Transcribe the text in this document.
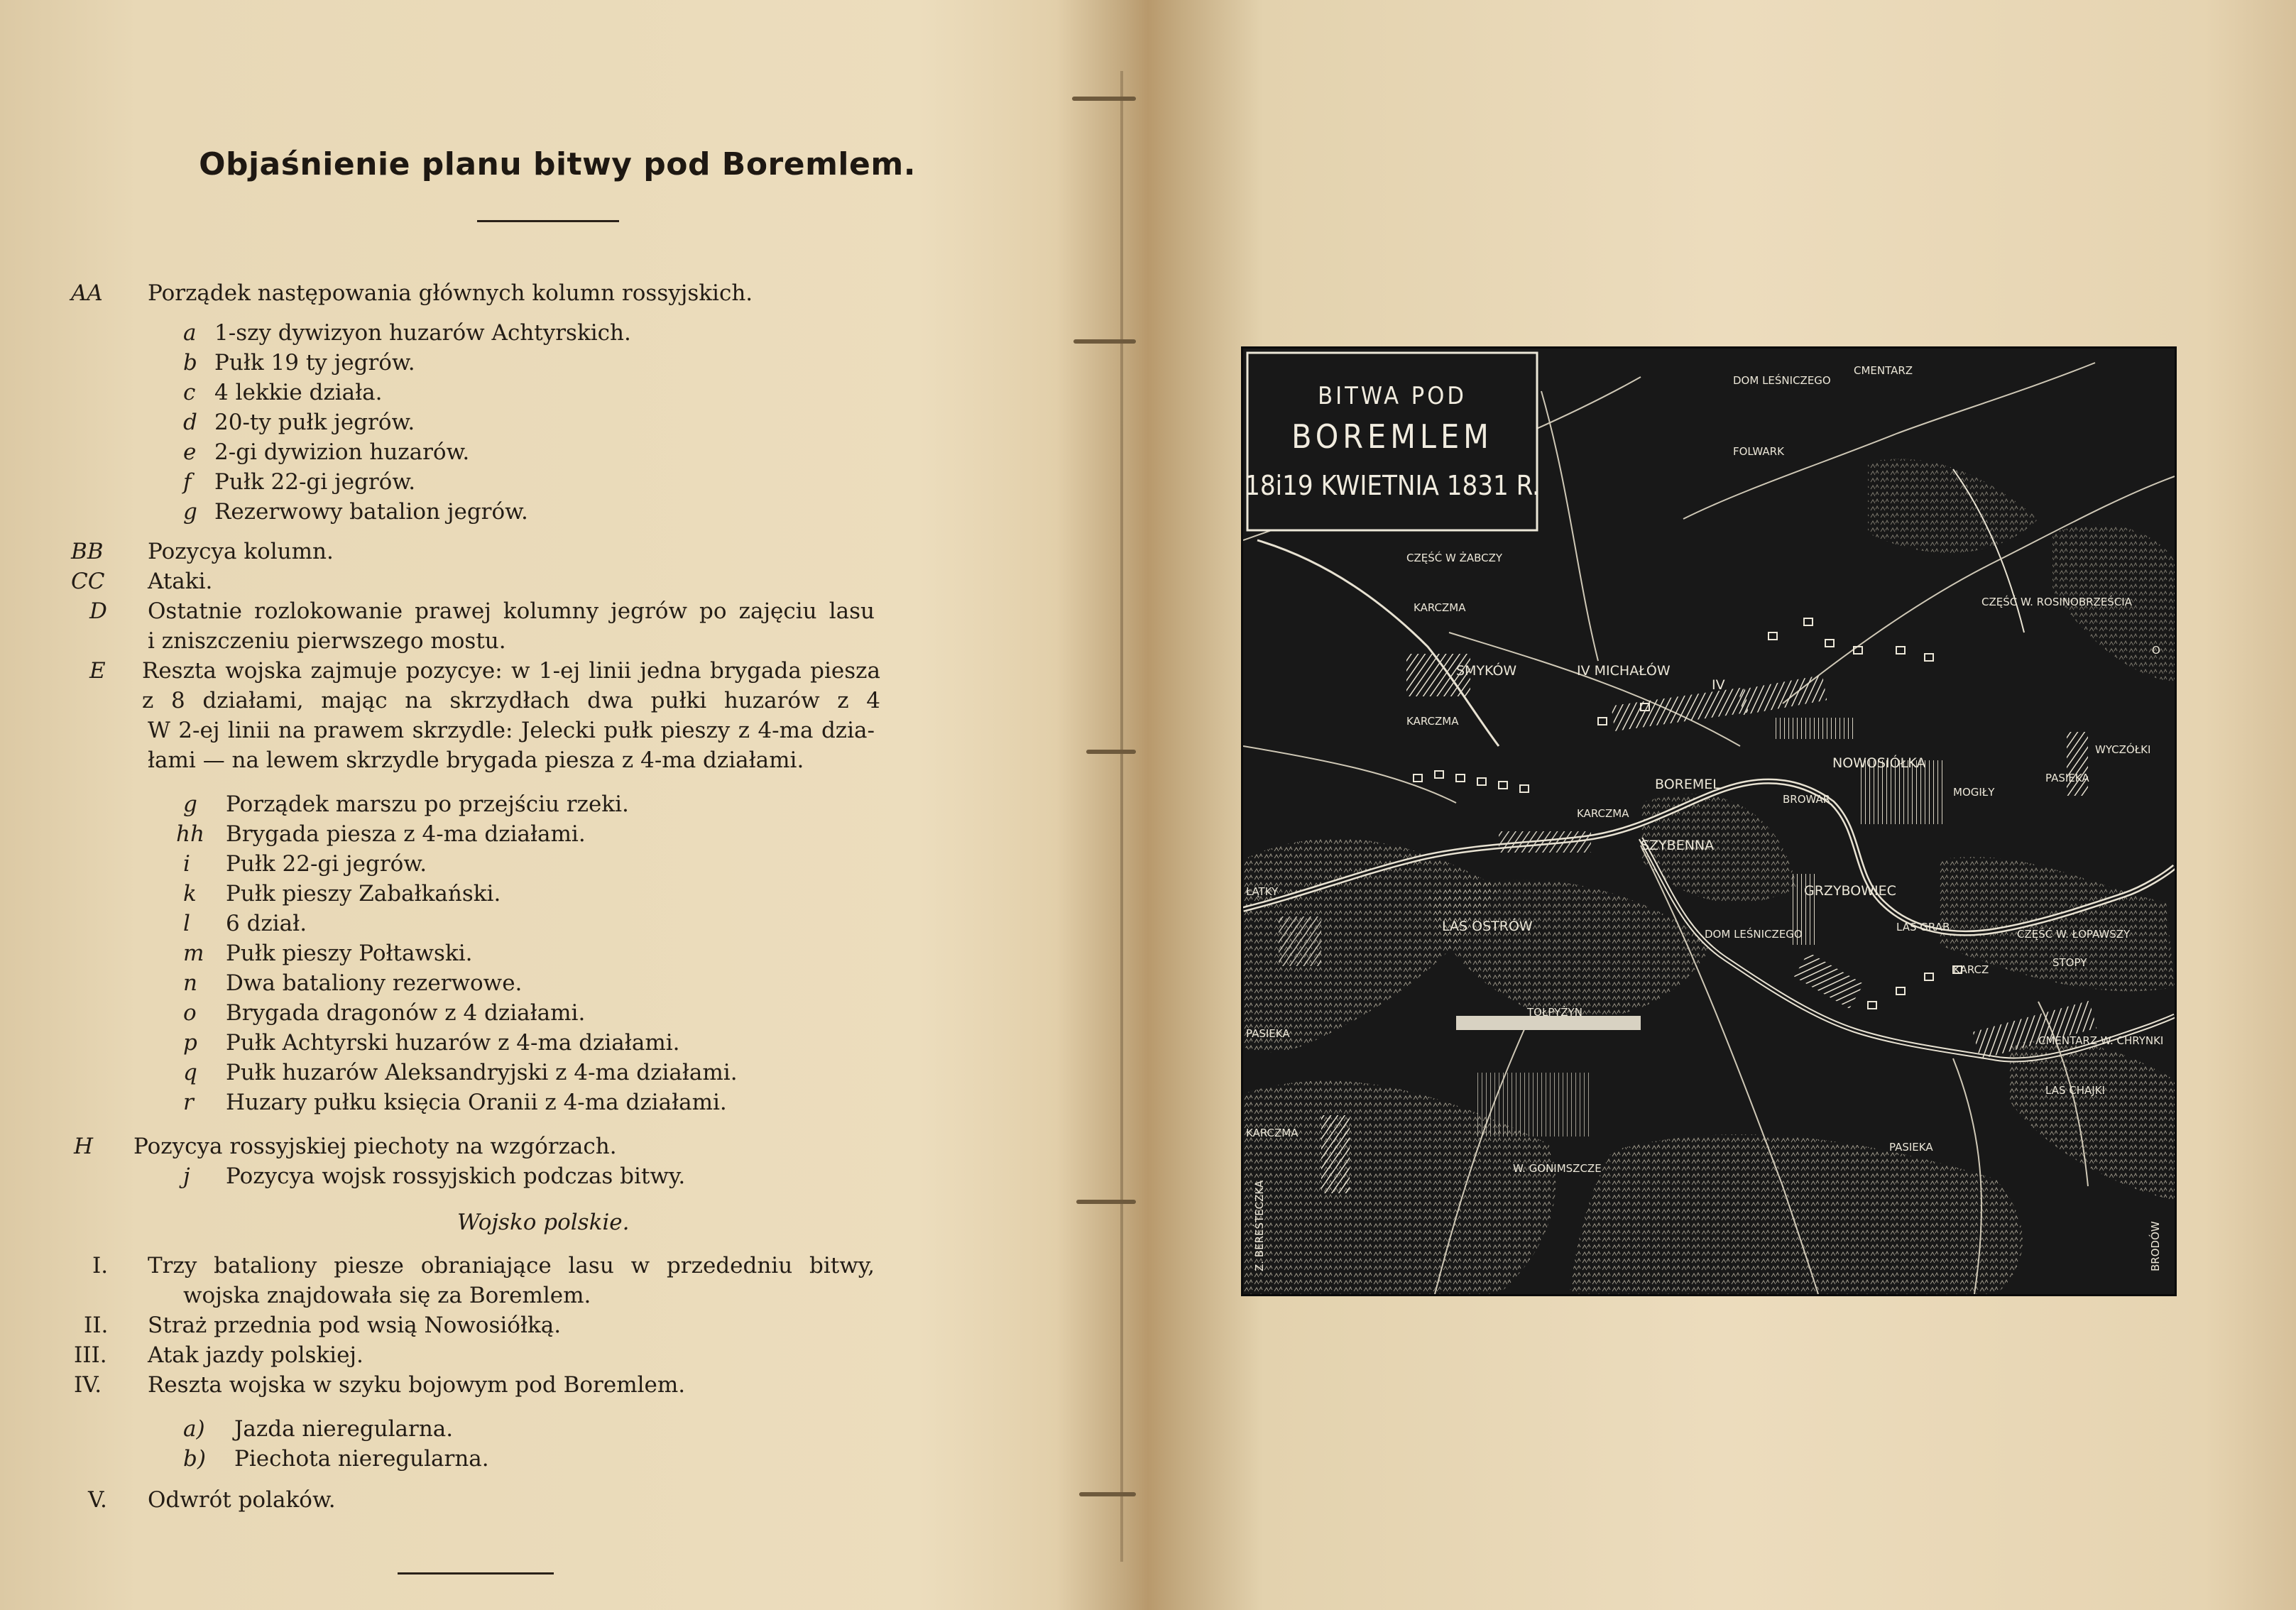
Objaśnienie planu bitwy pod Boremlem.
AA Porządek następowania głównych kolumn rossyjskich.
a 1-szy dywizyon huzarów Achtyrskich.
b Pułk 19 ty jegrów.
c 4 lekkie działa.
d 20-ty pułk jegrów.
e 2-gi dywizion huzarów.
f Pułk 22-gi jegrów.
g Rezerwowy batalion jegrów.
BB Pozycya kolumn.
CC Ataki.
D Ostatnie rozlokowanie prawej kolumny jegrów po zajęciu lasu
i zniszczeniu pierwszego mostu.
E Reszta wojska zajmuje pozycye: w 1-ej linii jedna brygada piesza
z 8 działami, mając na skrzydłach dwa pułki huzarów z 4
W 2-ej linii na prawem skrzydle: Jelecki pułk pieszy z 4-ma dzia-
łami — na lewem skrzydle brygada piesza z 4-ma działami.
g Porządek marszu po przejściu rzeki.
hh Brygada piesza z 4-ma działami.
i Pułk 22-gi jegrów.
k Pułk pieszy Zabałkański.
l 6 dział.
m Pułk pieszy Połtawski.
n Dwa bataliony rezerwowe.
o Brygada dragonów z 4 działami.
p Pułk Achtyrski huzarów z 4-ma działami.
q Pułk huzarów Aleksandryjski z 4-ma działami.
r Huzary pułku księcia Oranii z 4-ma działami.
H Pozycya rossyjskiej piechoty na wzgórzach.
j Pozycya wojsk rossyjskich podczas bitwy.
Wojsko polskie.
I. Trzy bataliony piesze obraniające lasu w przededniu bitwy,
wojska znajdowała się za Boremlem.
II. Straż przednia pod wsią Nowosiółką.
III. Atak jazdy polskiej.
IV. Reszta wojska w szyku bojowym pod Boremlem.
a) Jazda nieregularna.
b) Piechota nieregularna.
V. Odwrót polaków.
BITWA POD
BOREMLEM
18i19 KWIETNIA 1831 R.
DOM LEŚNICZEGO
CMENTARZ
FOLWARK
CZĘŚĆ W ŻABCZY
KARCZMA
SMYKÓW	IV MICHAŁÓW
IV
CZĘŚĆ W. ROSINOBRZEŚCIA
KARCZMA
NOWOSIÓŁKA
WYCZÓŁKI
PASIEKA
BOREMEL
BROWAR
MOGIŁY
KARCZMA
SZYBENNA
ŁĄTKY
LAS OSTRÓW
GRZYBOWIEC
DOM LEŚNICZEGO
LAS GRAB
CZĘŚĆ W. ŁOPAWSZY
STOPY
PASIEKA
TOŁPYŻYN
KARCZ
CMENTARZ W. CHRYNKI
LAS CHAJKI
KARCZMA
W. GONIMSZCZE
PASIEKA
Z. BEREŚTECZKA	BRODÓW
O
